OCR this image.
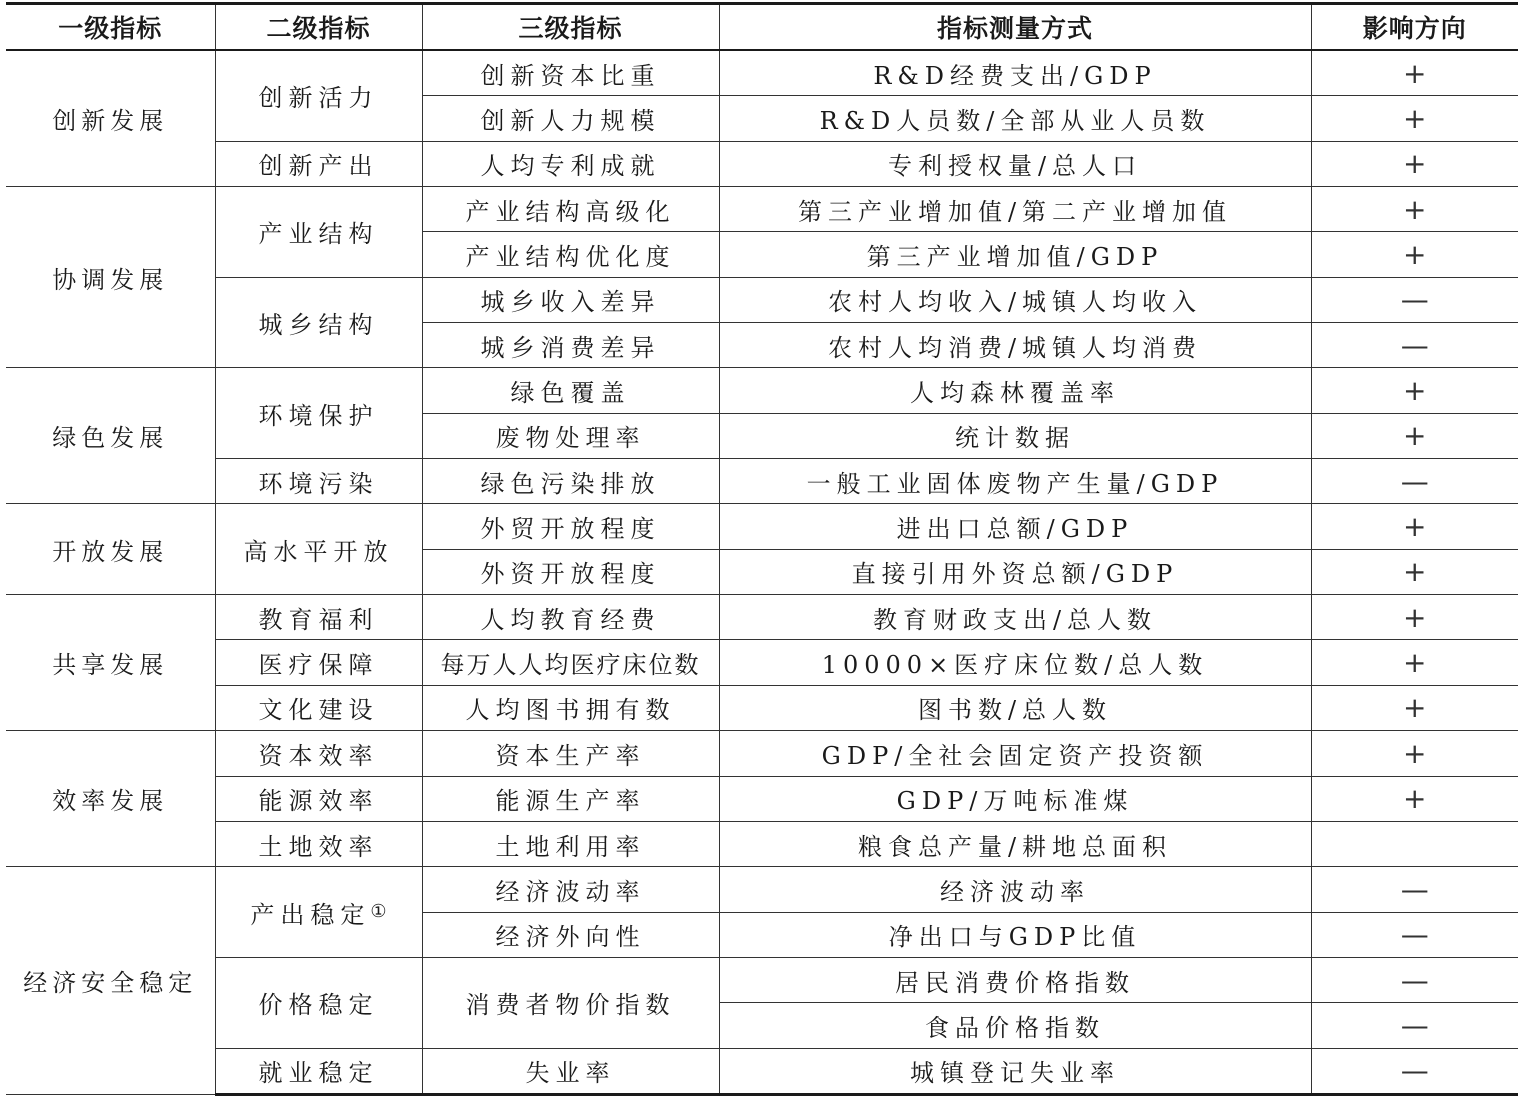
一级指标	二级指标	三级指标	指标测量方式	影响方向
创新发展	创新活力	创新资本比重	R&D经费支出/GDP	+
		创新人力规模	R&D人员数/全部从业人员数	+
	创新产出	人均专利成就	专利授权量/总人口	+
协调发展	产业结构	产业结构高级化	第三产业增加值/第二产业增加值	+
		产业结构优化度	第三产业增加值/GDP	+
	城乡结构	城乡收入差异	农村人均收入/城镇人均收入	—
		城乡消费差异	农村人均消费/城镇人均消费	—
绿色发展	环境保护	绿色覆盖	人均森林覆盖率	+
		废物处理率	统计数据	+
	环境污染	绿色污染排放	一般工业固体废物产生量/GDP	—
开放发展	高水平开放	外贸开放程度	进出口总额/GDP	+
		外资开放程度	直接引用外资总额/GDP	+
共享发展	教育福利	人均教育经费	教育财政支出/总人数	+
	医疗保障	每万人人均医疗床位数	10000×医疗床位数/总人数	+
	文化建设	人均图书拥有数	图书数/总人数	+
效率发展	资本效率	资本生产率	GDP/全社会固定资产投资额	+
	能源效率	能源生产率	GDP/万吨标准煤	+
	土地效率	土地利用率	粮食总产量/耕地总面积	
经济安全稳定	产出稳定①	经济波动率	经济波动率	—
		经济外向性	净出口与GDP比值	—
	价格稳定	消费者物价指数	居民消费价格指数	—
			食品价格指数	—
	就业稳定	失业率	城镇登记失业率	—
